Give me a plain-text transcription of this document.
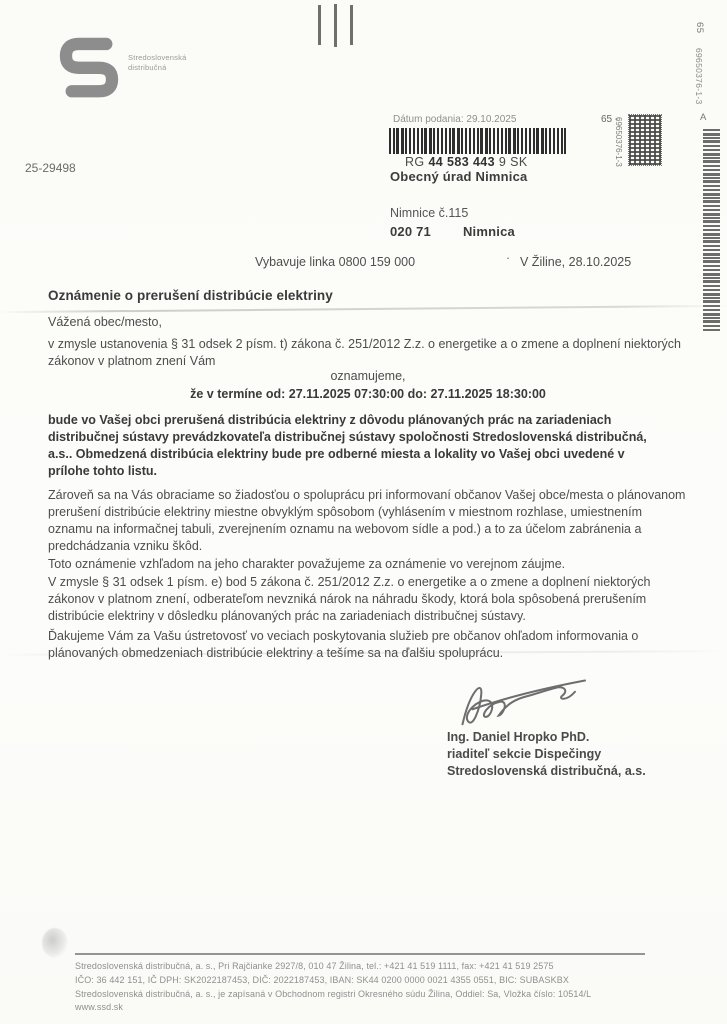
Stredoslovenská
distribučná
65
69650376-1-3
A
25-29498
Dátum podania: 29.10.2025
RG 44 583 443 9 SK
65 -
69650376-1-3
Obecný úrad Nimnica
Nimnice č.115
020 71 Nimnica
Vybavuje linka 0800 159 000	· V Žiline, 28.10.2025
Oznámenie o prerušení distribúcie elektriny
Vážená obec/mesto,
v zmysle ustanovenia § 31 odsek 2 písm. t) zákona č. 251/2012 Z.z. o energetike a o zmene a doplnení niektorých zákonov v platnom znení Vám
oznamujeme,
že v termíne od: 27.11.2025 07:30:00 do: 27.11.2025 18:30:00
bude vo Vašej obci prerušená distribúcia elektriny z dôvodu plánovaných prác na zariadeniach distribučnej sústavy prevádzkovateľa distribučnej sústavy spoločnosti Stredoslovenská distribučná, a.s.. Obmedzená distribúcia elektriny bude pre odberné miesta a lokality vo Vašej obci uvedené v prílohe tohto listu.
Zároveň sa na Vás obraciame so žiadosťou o spoluprácu pri informovaní občanov Vašej obce/mesta o plánovanom prerušení distribúcie elektriny miestne obvyklým spôsobom (vyhlásením v miestnom rozhlase, umiestnením oznamu na informačnej tabuli, zverejnením oznamu na webovom sídle a pod.) a to za účelom zabránenia a predchádzania vzniku škôd.
Toto oznámenie vzhľadom na jeho charakter považujeme za oznámenie vo verejnom záujme.
V zmysle § 31 odsek 1 písm. e) bod 5 zákona č. 251/2012 Z.z. o energetike a o zmene a doplnení niektorých zákonov v platnom znení, odberateľom nevzniká nárok na náhradu škody, ktorá bola spôsobená prerušením distribúcie elektriny v dôsledku plánovaných prác na zariadeniach distribučnej sústavy.
Ďakujeme Vám za Vašu ústretovosť vo veciach poskytovania služieb pre občanov ohľadom informovania o plánovaných obmedzeniach distribúcie elektriny a tešíme sa na ďalšiu spoluprácu.
Ing. Daniel Hropko PhD.
riaditeľ sekcie Dispečingy
Stredoslovenská distribučná, a.s.
Stredoslovenská distribučná, a. s., Pri Rajčianke 2927/8, 010 47 Žilina, tel.: +421 41 519 1111, fax: +421 41 519 2575
IČO: 36 442 151, IČ DPH: SK2022187453, DIČ: 2022187453, IBAN: SK44 0200 0000 0021 4355 0551, BIC: SUBASKBX
Stredoslovenská distribučná, a. s., je zapísaná v Obchodnom registri Okresného súdu Žilina, Oddiel: Sa, Vložka číslo: 10514/L
www.ssd.sk
